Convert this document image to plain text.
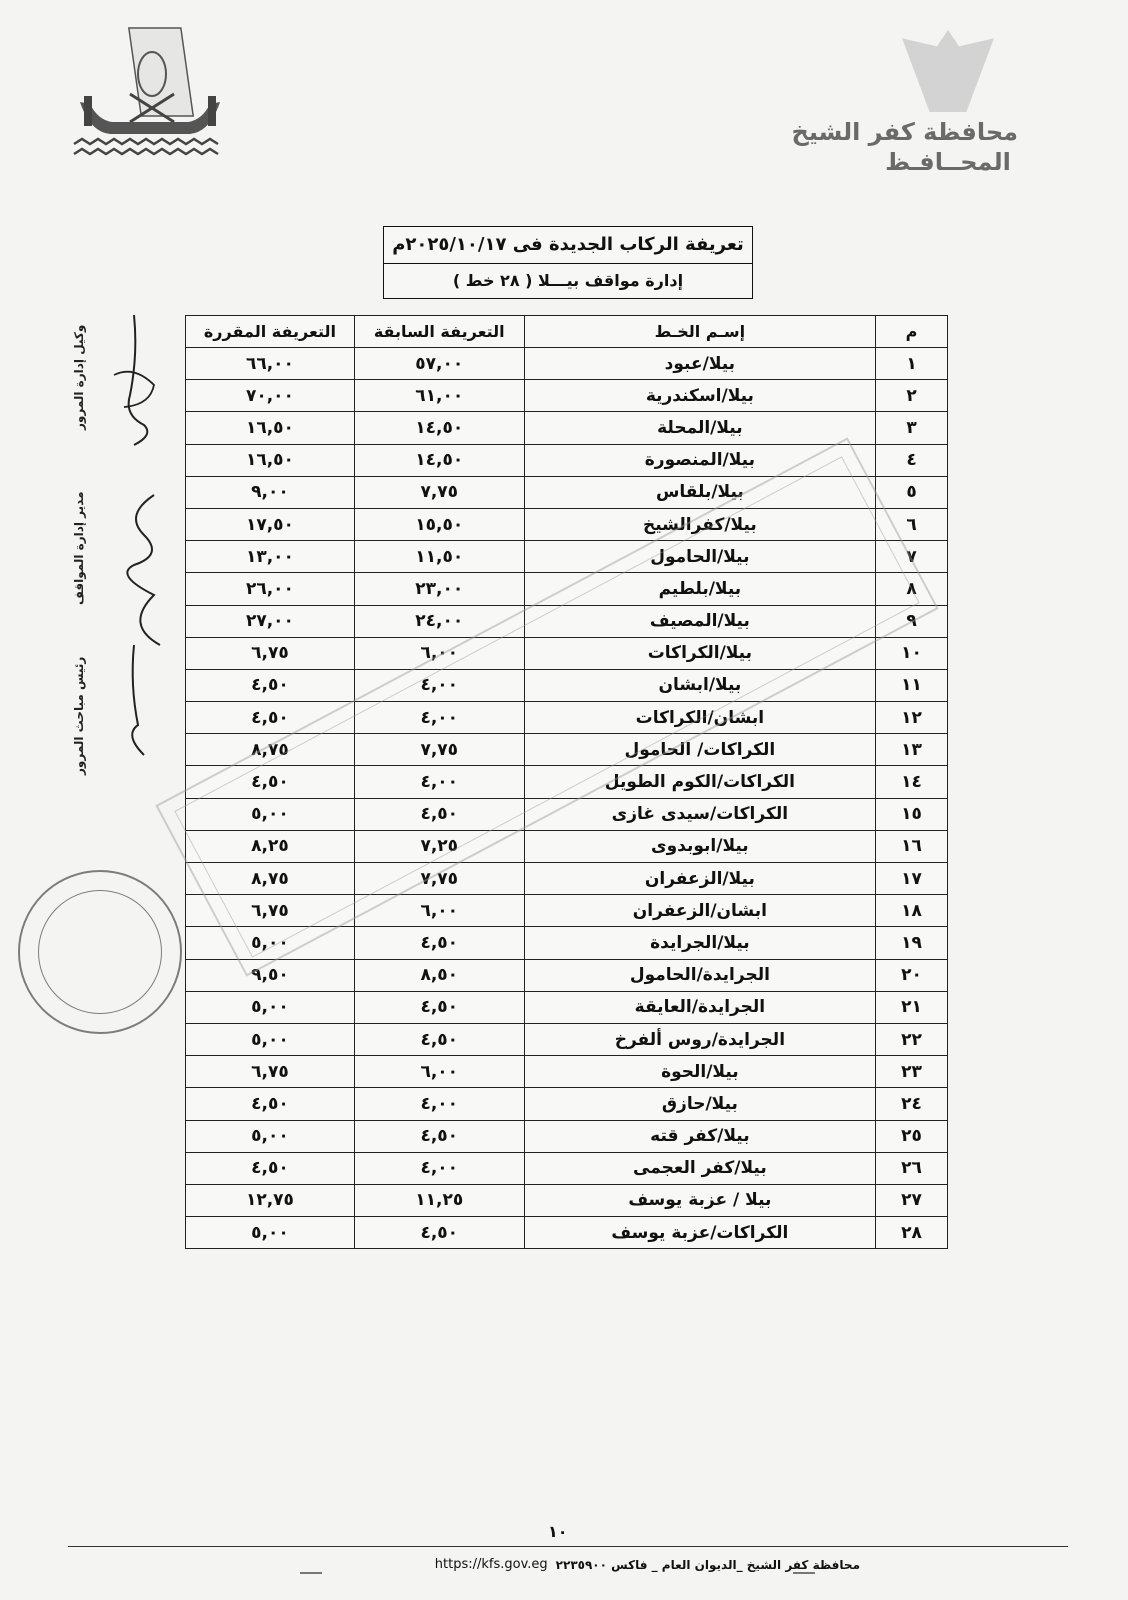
محافظة كفر الشيخ
المحــافـظ
تعريفة الركاب الجديدة فى ٢٠٢٥/١٠/١٧م
إدارة مواقف بيـــلا ( ٢٨ خط )
م	إسـم الخـط	التعريفة السابقة	التعريفة المقررة
١	بيلا/عبود	٥٧,٠٠	٦٦,٠٠
٢	بيلا/اسكندرية	٦١,٠٠	٧٠,٠٠
٣	بيلا/المحلة	١٤,٥٠	١٦,٥٠
٤	بيلا/المنصورة	١٤,٥٠	١٦,٥٠
٥	بيلا/بلقاس	٧,٧٥	٩,٠٠
٦	بيلا/كفرالشيخ	١٥,٥٠	١٧,٥٠
٧	بيلا/الحامول	١١,٥٠	١٣,٠٠
٨	بيلا/بلطيم	٢٣,٠٠	٢٦,٠٠
٩	بيلا/المصيف	٢٤,٠٠	٢٧,٠٠
١٠	بيلا/الكراكات	٦,٠٠	٦,٧٥
١١	بيلا/ابشان	٤,٠٠	٤,٥٠
١٢	ابشان/الكراكات	٤,٠٠	٤,٥٠
١٣	الكراكات/ الحامول	٧,٧٥	٨,٧٥
١٤	الكراكات/الكوم الطويل	٤,٠٠	٤,٥٠
١٥	الكراكات/سيدى غازى	٤,٥٠	٥,٠٠
١٦	بيلا/ابوبدوى	٧,٢٥	٨,٢٥
١٧	بيلا/الزعفران	٧,٧٥	٨,٧٥
١٨	ابشان/الزعفران	٦,٠٠	٦,٧٥
١٩	بيلا/الجرايدة	٤,٥٠	٥,٠٠
٢٠	الجرايدة/الحامول	٨,٥٠	٩,٥٠
٢١	الجرايدة/العايقة	٤,٥٠	٥,٠٠
٢٢	الجرايدة/روس ألفرخ	٤,٥٠	٥,٠٠
٢٣	بيلا/الحوة	٦,٠٠	٦,٧٥
٢٤	بيلا/حازق	٤,٠٠	٤,٥٠
٢٥	بيلا/كفر قته	٤,٥٠	٥,٠٠
٢٦	بيلا/كفر العجمى	٤,٠٠	٤,٥٠
٢٧	بيلا / عزبة يوسف	١١,٢٥	١٢,٧٥
٢٨	الكراكات/عزبة يوسف	٤,٥٠	٥,٠٠
وكيل إدارة المرور
مدير إدارة المواقف
رئيس مباحث المرور
١٠
محافظة كفر الشيخ _الديوان العام _ فاكس ٢٢٣٥٩٠٠
https://kfs.gov.eg
